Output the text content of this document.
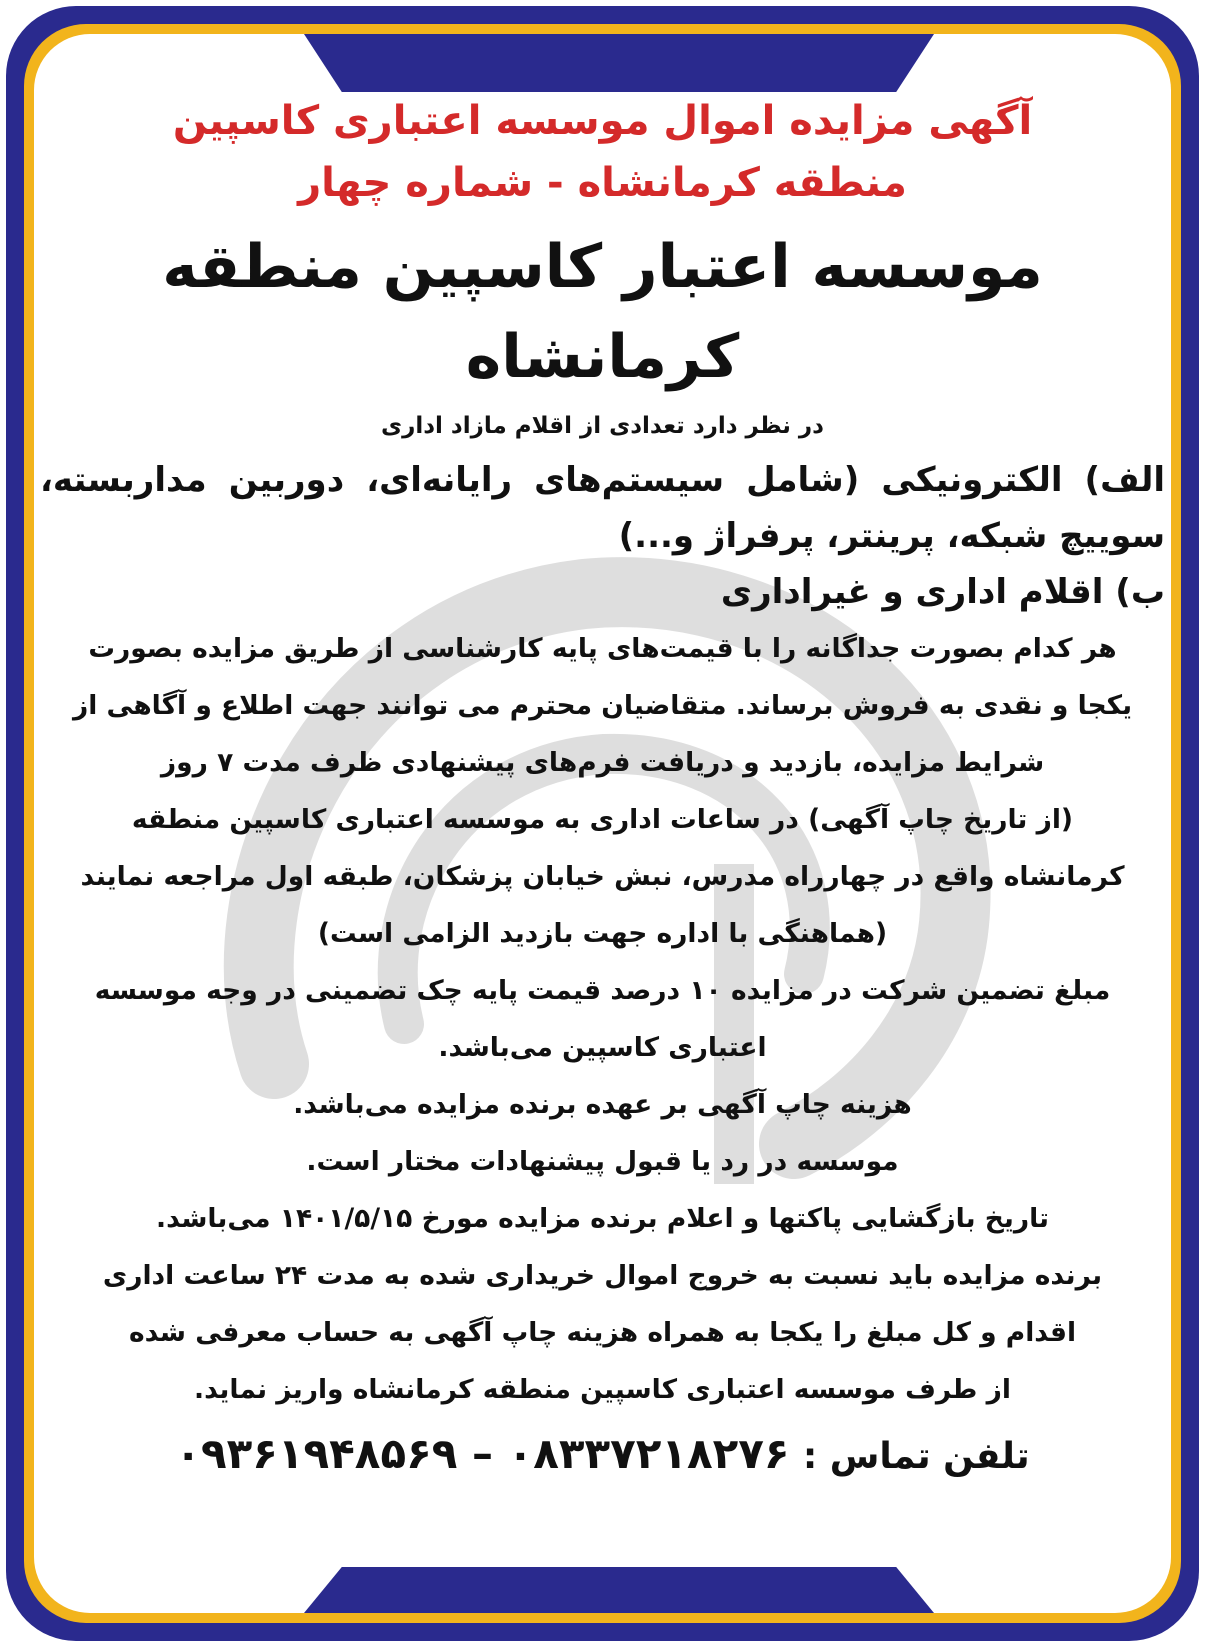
آگهی مزایده اموال موسسه اعتباری کاسپین

منطقه کرمانشاه - شماره چهار

موسسه اعتبار کاسپین منطقه کرمانشاه

در نظر دارد تعدادی از اقلام مازاد اداری

الف) الکترونیکی (شامل سیستم‌های رایانه‌ای، دوربین مداربسته، سوییچ شبکه، پرینتر، پرفراژ و...)

ب) اقلام اداری و غیراداری

هر کدام بصورت جداگانه را با قیمت‌های پایه کارشناسی از طریق مزایده بصورت

یکجا و نقدی به فروش برساند. متقاضیان محترم می توانند جهت اطلاع و آگاهی از

شرایط مزایده، بازدید و دریافت فرم‌های پیشنهادی ظرف مدت ۷ روز

(از تاریخ چاپ آگهی) در ساعات اداری به موسسه اعتباری کاسپین منطقه

کرمانشاه واقع در چهارراه مدرس، نبش خیابان پزشکان، طبقه اول مراجعه نمایند

(هماهنگی با اداره جهت بازدید الزامی است)

مبلغ تضمین شرکت در مزایده ۱۰ درصد قیمت پایه چک تضمینی در وجه موسسه

اعتباری کاسپین می‌باشد.

هزینه چاپ آگهی بر عهده برنده مزایده می‌باشد.

موسسه در رد یا قبول پیشنهادات مختار است.

تاریخ بازگشایی پاکتها و اعلام برنده مزایده مورخ ۱۴۰۱/۵/۱۵ می‌باشد.

برنده مزایده باید نسبت به خروج اموال خریداری شده به مدت ۲۴ ساعت اداری

اقدام و کل مبلغ را یکجا به همراه هزینه چاپ آگهی به حساب معرفی شده

از طرف موسسه اعتباری کاسپین منطقه کرمانشاه واریز نماید.

تلفن تماس : ۰۹۳۶۱۹۴۸۵۶۹ – ۰۸۳۳۷۲۱۸۲۷۶
